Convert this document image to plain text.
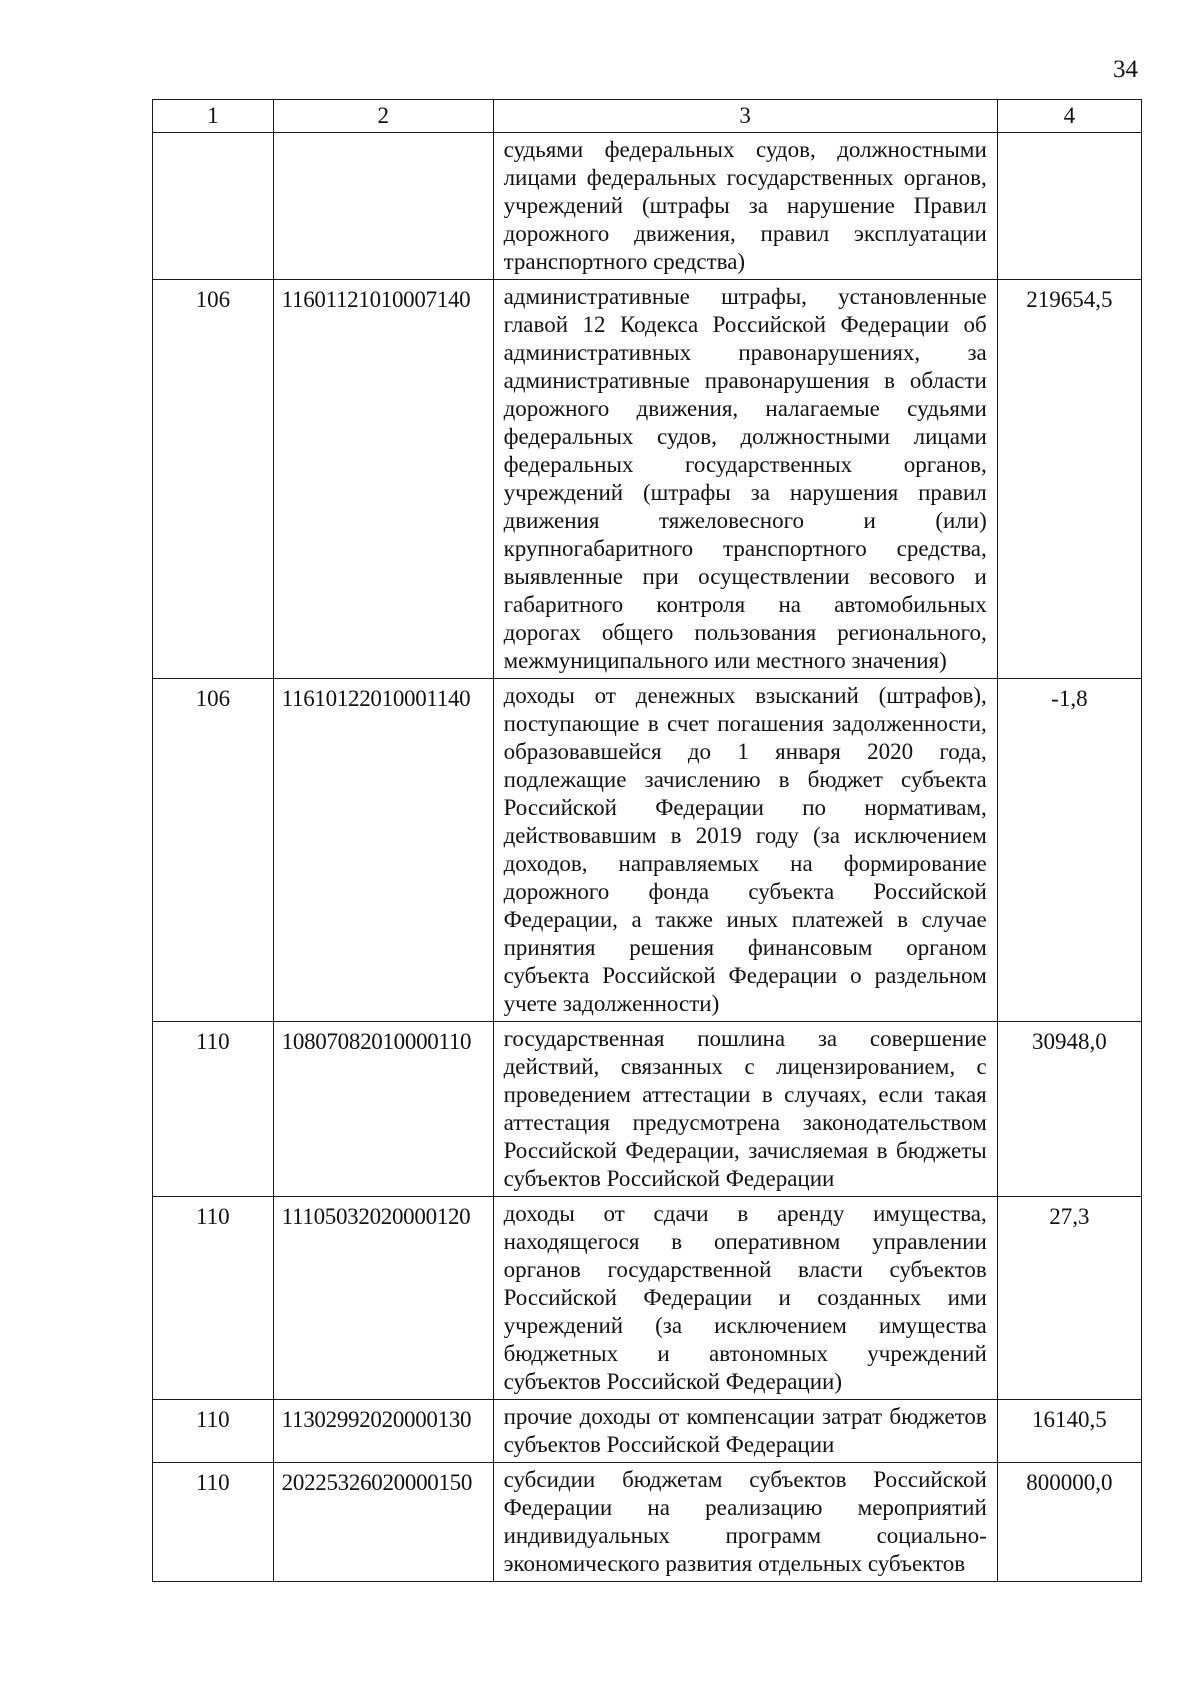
34
1	2	3	4
		судьями федеральных судов, должностными лицами федеральных государственных органов, учреждений (штрафы за нарушение Правил дорожного движения, правил эксплуатации транспортного средства)	
106	11601121010007140	административные штрафы, установленные главой 12 Кодекса Российской Федерации об административных правонарушениях, за административные правонарушения в области дорожного движения, налагаемые судьями федеральных судов, должностными лицами федеральных государственных органов, учреждений (штрафы за нарушения правил движения тяжеловесного и (или) крупногабаритного транспортного средства, выявленные при осуществлении весового и габаритного контроля на автомобильных дорогах общего пользования регионального, межмуниципального или местного значения)	219654,5
106	11610122010001140	доходы от денежных взысканий (штрафов), поступающие в счет погашения задолженности, образовавшейся до 1 января 2020 года, подлежащие зачислению в бюджет субъекта Российской Федерации по нормативам, действовавшим в 2019 году (за исключением доходов, направляемых на формирование дорожного фонда субъекта Российской Федерации, а также иных платежей в случае принятия решения финансовым органом субъекта Российской Федерации о раздельном учете задолженности)	-1,8
110	10807082010000110	государственная пошлина за совершение действий, связанных с лицензированием, с проведением аттестации в случаях, если такая аттестация предусмотрена законодательством Российской Федерации, зачисляемая в бюджеты субъектов Российской Федерации	30948,0
110	11105032020000120	доходы от сдачи в аренду имущества, находящегося в оперативном управлении органов государственной власти субъектов Российской Федерации и созданных ими учреждений (за исключением имущества бюджетных и автономных учреждений субъектов Российской Федерации)	27,3
110	11302992020000130	прочие доходы от компенсации затрат бюджетов субъектов Российской Федерации	16140,5
110	20225326020000150	субсидии бюджетам субъектов Российской Федерации на реализацию мероприятий индивидуальных программ социально-экономического развития отдельных субъектов	800000,0
